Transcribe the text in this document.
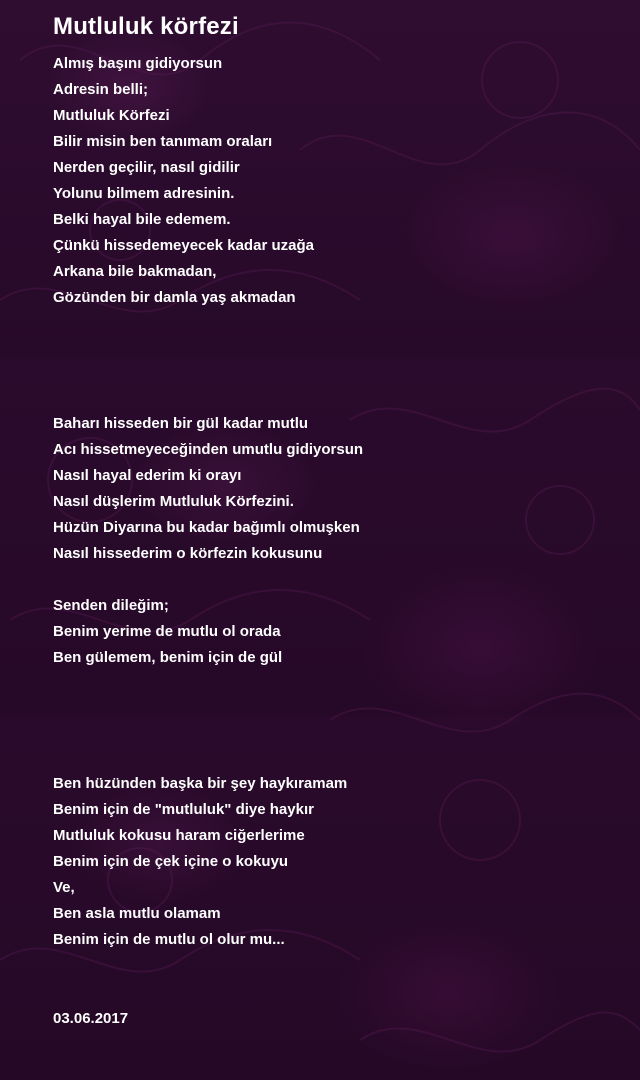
Mutluluk körfezi
Almış başını gidiyorsun
Adresin belli;
Mutluluk Körfezi
Bilir misin ben tanımam oraları
Nerden geçilir, nasıl gidilir
Yolunu bilmem adresinin.
Belki hayal bile edemem.
Çünkü hissedemeyecek kadar uzağa
Arkana bile bakmadan,
Gözünden bir damla yaş akmadan
Baharı hisseden bir gül kadar mutlu
Acı hissetmeyeceğinden umutlu gidiyorsun
Nasıl hayal ederim ki orayı
Nasıl düşlerim Mutluluk Körfezini.
Hüzün Diyarına bu kadar bağımlı olmuşken
Nasıl hissederim o körfezin kokusunu
Senden dileğim;
Benim yerime de mutlu ol orada
Ben gülemem, benim için de gül
Ben hüzünden başka bir şey haykıramam
Benim için de "mutluluk" diye haykır
Mutluluk kokusu haram ciğerlerime
Benim için de çek içine o kokuyu
Ve,
Ben asla mutlu olamam
Benim için de mutlu ol olur mu...
03.06.2017
